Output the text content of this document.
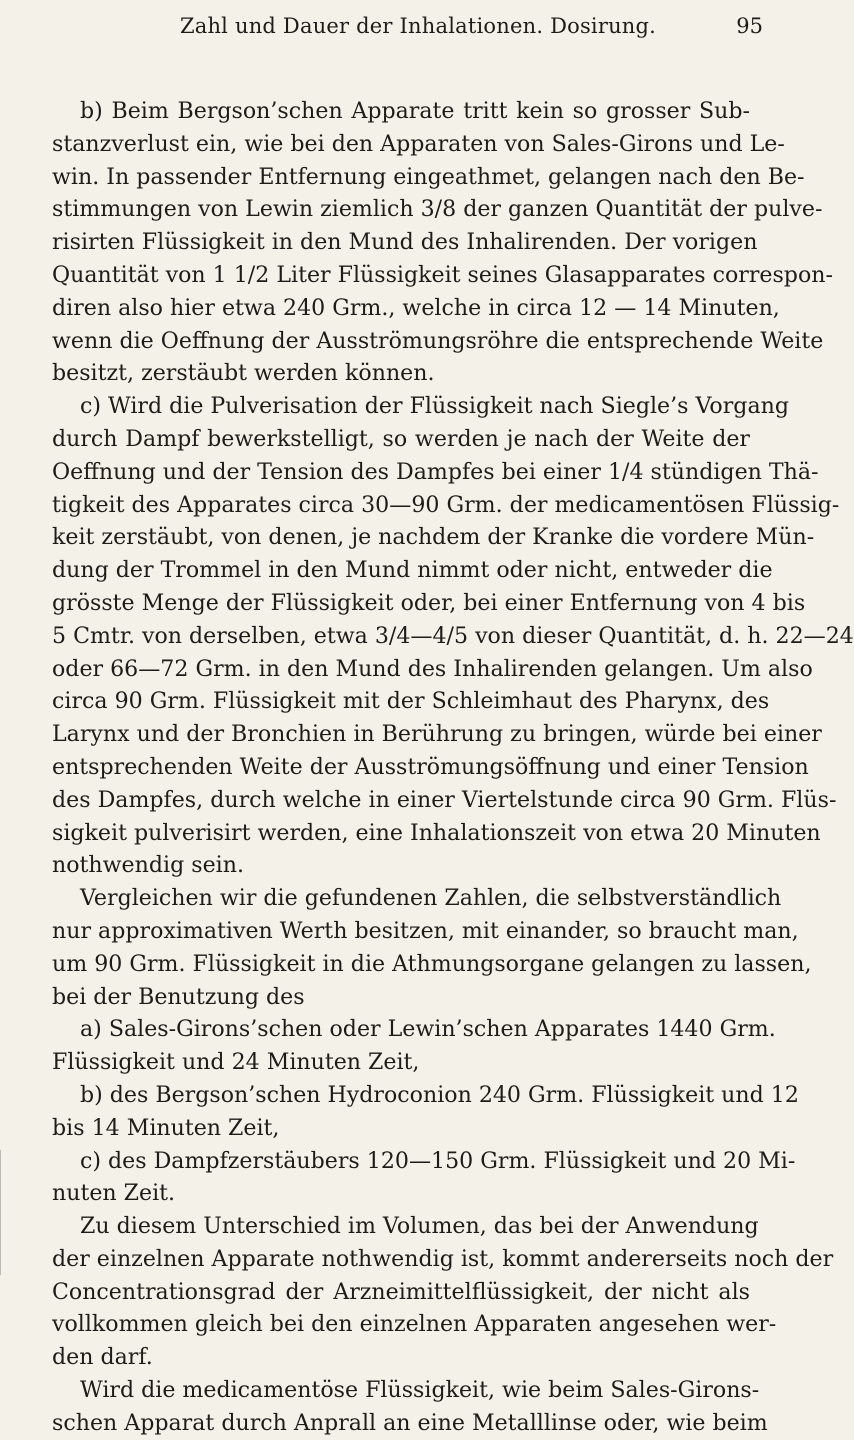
Zahl und Dauer der Inhalationen. Dosirung.	95
b) Beim Bergson’schen Apparate tritt kein so grosser Sub-
stanzverlust ein, wie bei den Apparaten von Sales-Girons und Le-
win. In passender Entfernung eingeathmet, gelangen nach den Be-
stimmungen von Lewin ziemlich 3/8 der ganzen Quantität der pulve-
risirten Flüssigkeit in den Mund des Inhalirenden. Der vorigen
Quantität von 1 1/2 Liter Flüssigkeit seines Glasapparates correspon-
diren also hier etwa 240 Grm., welche in circa 12 — 14 Minuten,
wenn die Oeffnung der Ausströmungsröhre die entsprechende Weite
besitzt, zerstäubt werden können.
c) Wird die Pulverisation der Flüssigkeit nach Siegle’s Vorgang
durch Dampf bewerkstelligt, so werden je nach der Weite der
Oeffnung und der Tension des Dampfes bei einer 1/4 stündigen Thä-
tigkeit des Apparates circa 30—90 Grm. der medicamentösen Flüssig-
keit zerstäubt, von denen, je nachdem der Kranke die vordere Mün-
dung der Trommel in den Mund nimmt oder nicht, entweder die
grösste Menge der Flüssigkeit oder, bei einer Entfernung von 4 bis
5 Cmtr. von derselben, etwa 3/4—4/5 von dieser Quantität, d. h. 22—24
oder 66—72 Grm. in den Mund des Inhalirenden gelangen. Um also
circa 90 Grm. Flüssigkeit mit der Schleimhaut des Pharynx, des
Larynx und der Bronchien in Berührung zu bringen, würde bei einer
entsprechenden Weite der Ausströmungsöffnung und einer Tension
des Dampfes, durch welche in einer Viertelstunde circa 90 Grm. Flüs-
sigkeit pulverisirt werden, eine Inhalationszeit von etwa 20 Minuten
nothwendig sein.
Vergleichen wir die gefundenen Zahlen, die selbstverständlich
nur approximativen Werth besitzen, mit einander, so braucht man,
um 90 Grm. Flüssigkeit in die Athmungsorgane gelangen zu lassen,
bei der Benutzung des
a) Sales-Girons’schen oder Lewin’schen Apparates 1440 Grm.
Flüssigkeit und 24 Minuten Zeit,
b) des Bergson’schen Hydroconion 240 Grm. Flüssigkeit und 12
bis 14 Minuten Zeit,
c) des Dampfzerstäubers 120—150 Grm. Flüssigkeit und 20 Mi-
nuten Zeit.
Zu diesem Unterschied im Volumen, das bei der Anwendung
der einzelnen Apparate nothwendig ist, kommt andererseits noch der
Concentrationsgrad der Arzneimittelflüssigkeit, der nicht als
vollkommen gleich bei den einzelnen Apparaten angesehen wer-
den darf.
Wird die medicamentöse Flüssigkeit, wie beim Sales-Girons-
schen Apparat durch Anprall an eine Metalllinse oder, wie beim
